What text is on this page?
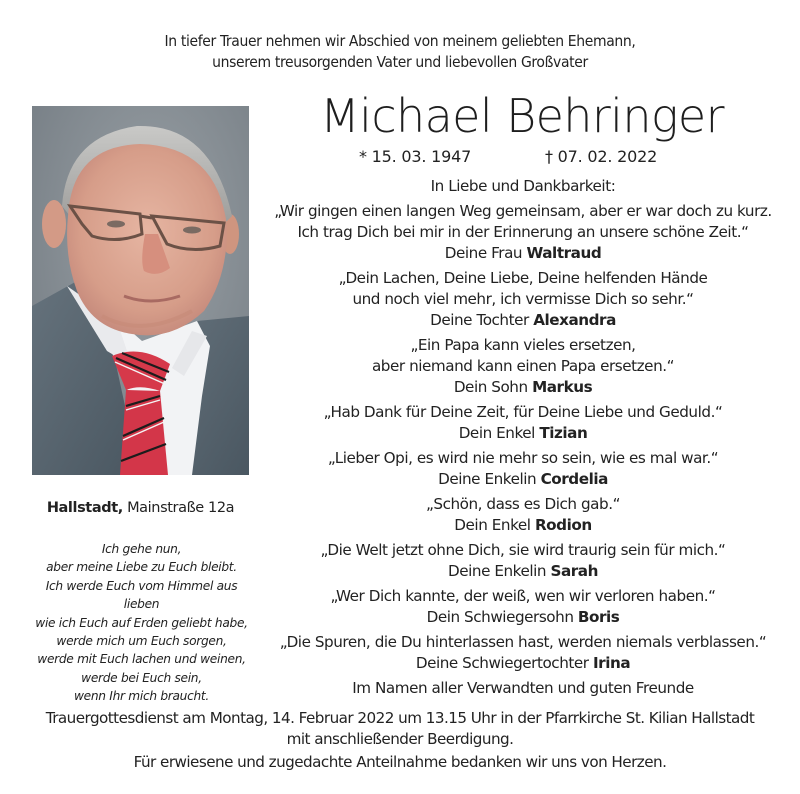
In tiefer Trauer nehmen wir Abschied von meinem geliebten Ehemann,
unserem treusorgenden Vater und liebevollen Großvater
Michael Behringer
* 15. 03. 1947	† 07. 02. 2022
Hallstadt, Mainstraße 12a
Ich gehe nun,
aber meine Liebe zu Euch bleibt.
Ich werde Euch vom Himmel aus lieben
wie ich Euch auf Erden geliebt habe,
werde mich um Euch sorgen,
werde mit Euch lachen und weinen,
werde bei Euch sein,
wenn Ihr mich braucht.
In Liebe und Dankbarkeit:
„Wir gingen einen langen Weg gemeinsam, aber er war doch zu kurz.
Ich trag Dich bei mir in der Erinnerung an unsere schöne Zeit.“
Deine Frau Waltraud
„Dein Lachen, Deine Liebe, Deine helfenden Hände
und noch viel mehr, ich vermisse Dich so sehr.“
Deine Tochter Alexandra
„Ein Papa kann vieles ersetzen,
aber niemand kann einen Papa ersetzen.“
Dein Sohn Markus
„Hab Dank für Deine Zeit, für Deine Liebe und Geduld.“
Dein Enkel Tizian
„Lieber Opi, es wird nie mehr so sein, wie es mal war.“
Deine Enkelin Cordelia
„Schön, dass es Dich gab.“
Dein Enkel Rodion
„Die Welt jetzt ohne Dich, sie wird traurig sein für mich.“
Deine Enkelin Sarah
„Wer Dich kannte, der weiß, wen wir verloren haben.“
Dein Schwiegersohn Boris
„Die Spuren, die Du hinterlassen hast, werden niemals verblassen.“
Deine Schwiegertochter Irina
Im Namen aller Verwandten und guten Freunde
Trauergottesdienst am Montag, 14. Februar 2022 um 13.15 Uhr in der Pfarrkirche St. Kilian Hallstadt
mit anschließender Beerdigung.
Für erwiesene und zugedachte Anteilnahme bedanken wir uns von Herzen.
